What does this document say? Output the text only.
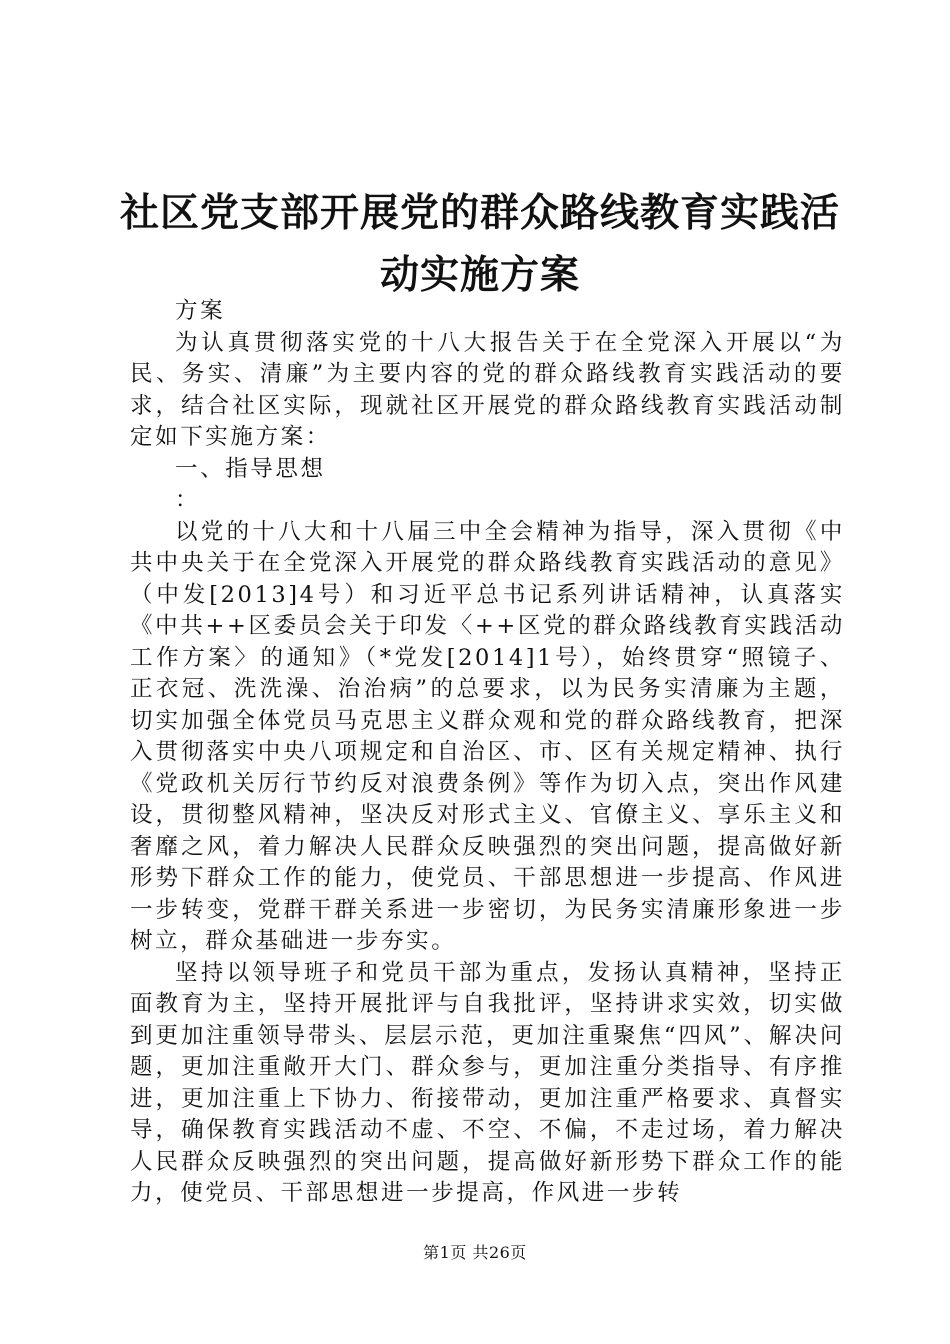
社区党支部开展党的群众路线教育实践活动实施方案

方案

为认真贯彻落实党的十八大报告关于在全党深入开展以“为民、务实、清廉”为主要内容的党的群众路线教育实践活动的要求，结合社区实际，现就社区开展党的群众路线教育实践活动制定如下实施方案：

一、指导思想

：

以党的十八大和十八届三中全会精神为指导，深入贯彻《中共中央关于在全党深入开展党的群众路线教育实践活动的意见》（中发[2013]4号）和习近平总书记系列讲话精神，认真落实《中共++区委员会关于印发〈++区党的群众路线教育实践活动工作方案〉的通知》（*党发[2014]1号），始终贯穿“照镜子、正衣冠、洗洗澡、治治病”的总要求，以为民务实清廉为主题，切实加强全体党员马克思主义群众观和党的群众路线教育，把深入贯彻落实中央八项规定和自治区、市、区有关规定精神、执行《党政机关厉行节约反对浪费条例》等作为切入点，突出作风建设，贯彻整风精神，坚决反对形式主义、官僚主义、享乐主义和奢靡之风，着力解决人民群众反映强烈的突出问题，提高做好新形势下群众工作的能力，使党员、干部思想进一步提高、作风进一步转变，党群干群关系进一步密切，为民务实清廉形象进一步树立，群众基础进一步夯实。

坚持以领导班子和党员干部为重点，发扬认真精神，坚持正面教育为主，坚持开展批评与自我批评，坚持讲求实效，切实做到更加注重领导带头、层层示范，更加注重聚焦“四风”、解决问题，更加注重敞开大门、群众参与，更加注重分类指导、有序推进，更加注重上下协力、衔接带动，更加注重严格要求、真督实导，确保教育实践活动不虚、不空、不偏，不走过场，着力解决人民群众反映强烈的突出问题，提高做好新形势下群众工作的能力，使党员、干部思想进一步提高，作风进一步转

第1页 共26页
